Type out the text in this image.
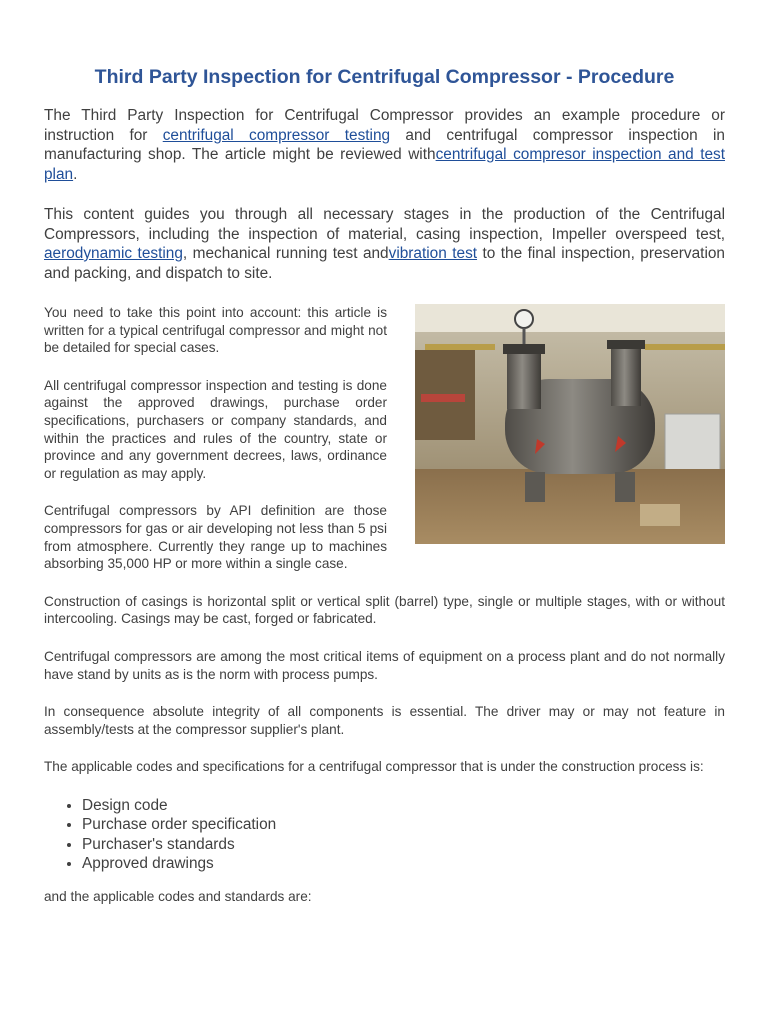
Third Party Inspection for Centrifugal Compressor - Procedure

The Third Party Inspection for Centrifugal Compressor provides an example procedure or instruction for centrifugal compressor testing and centrifugal compressor inspection in manufacturing shop. The article might be reviewed withcentrifugal compresor inspection and test plan.

This content guides you through all necessary stages in the production of the Centrifugal Compressors, including the inspection of material, casing inspection, Impeller overspeed test, aerodynamic testing, mechanical running test andvibration test to the final inspection, preservation and packing, and dispatch to site.

You need to take this point into account: this article is written for a typical centrifugal compressor and might not be detailed for special cases.

All centrifugal compressor inspection and testing is done against the approved drawings, purchase order specifications, purchasers or company standards, and within the practices and rules of the country, state or province and any government decrees, laws, ordinance or regulation as may apply.

Centrifugal compressors by API definition are those compressors for gas or air developing not less than 5 psi from atmosphere. Currently they range up to machines absorbing 35,000 HP or more within a single case.

Construction of casings is horizontal split or vertical split (barrel) type, single or multiple stages, with or without intercooling. Casings may be cast, forged or fabricated.

Centrifugal compressors are among the most critical items of equipment on a process plant and do not normally have stand by units as is the norm with process pumps.

In consequence absolute integrity of all components is essential. The driver may or may not feature in assembly/tests at the compressor supplier's plant.

The applicable codes and specifications for a centrifugal compressor that is under the construction process is:

• Design code
• Purchase order specification
• Purchaser's standards
• Approved drawings

and the applicable codes and standards are:
